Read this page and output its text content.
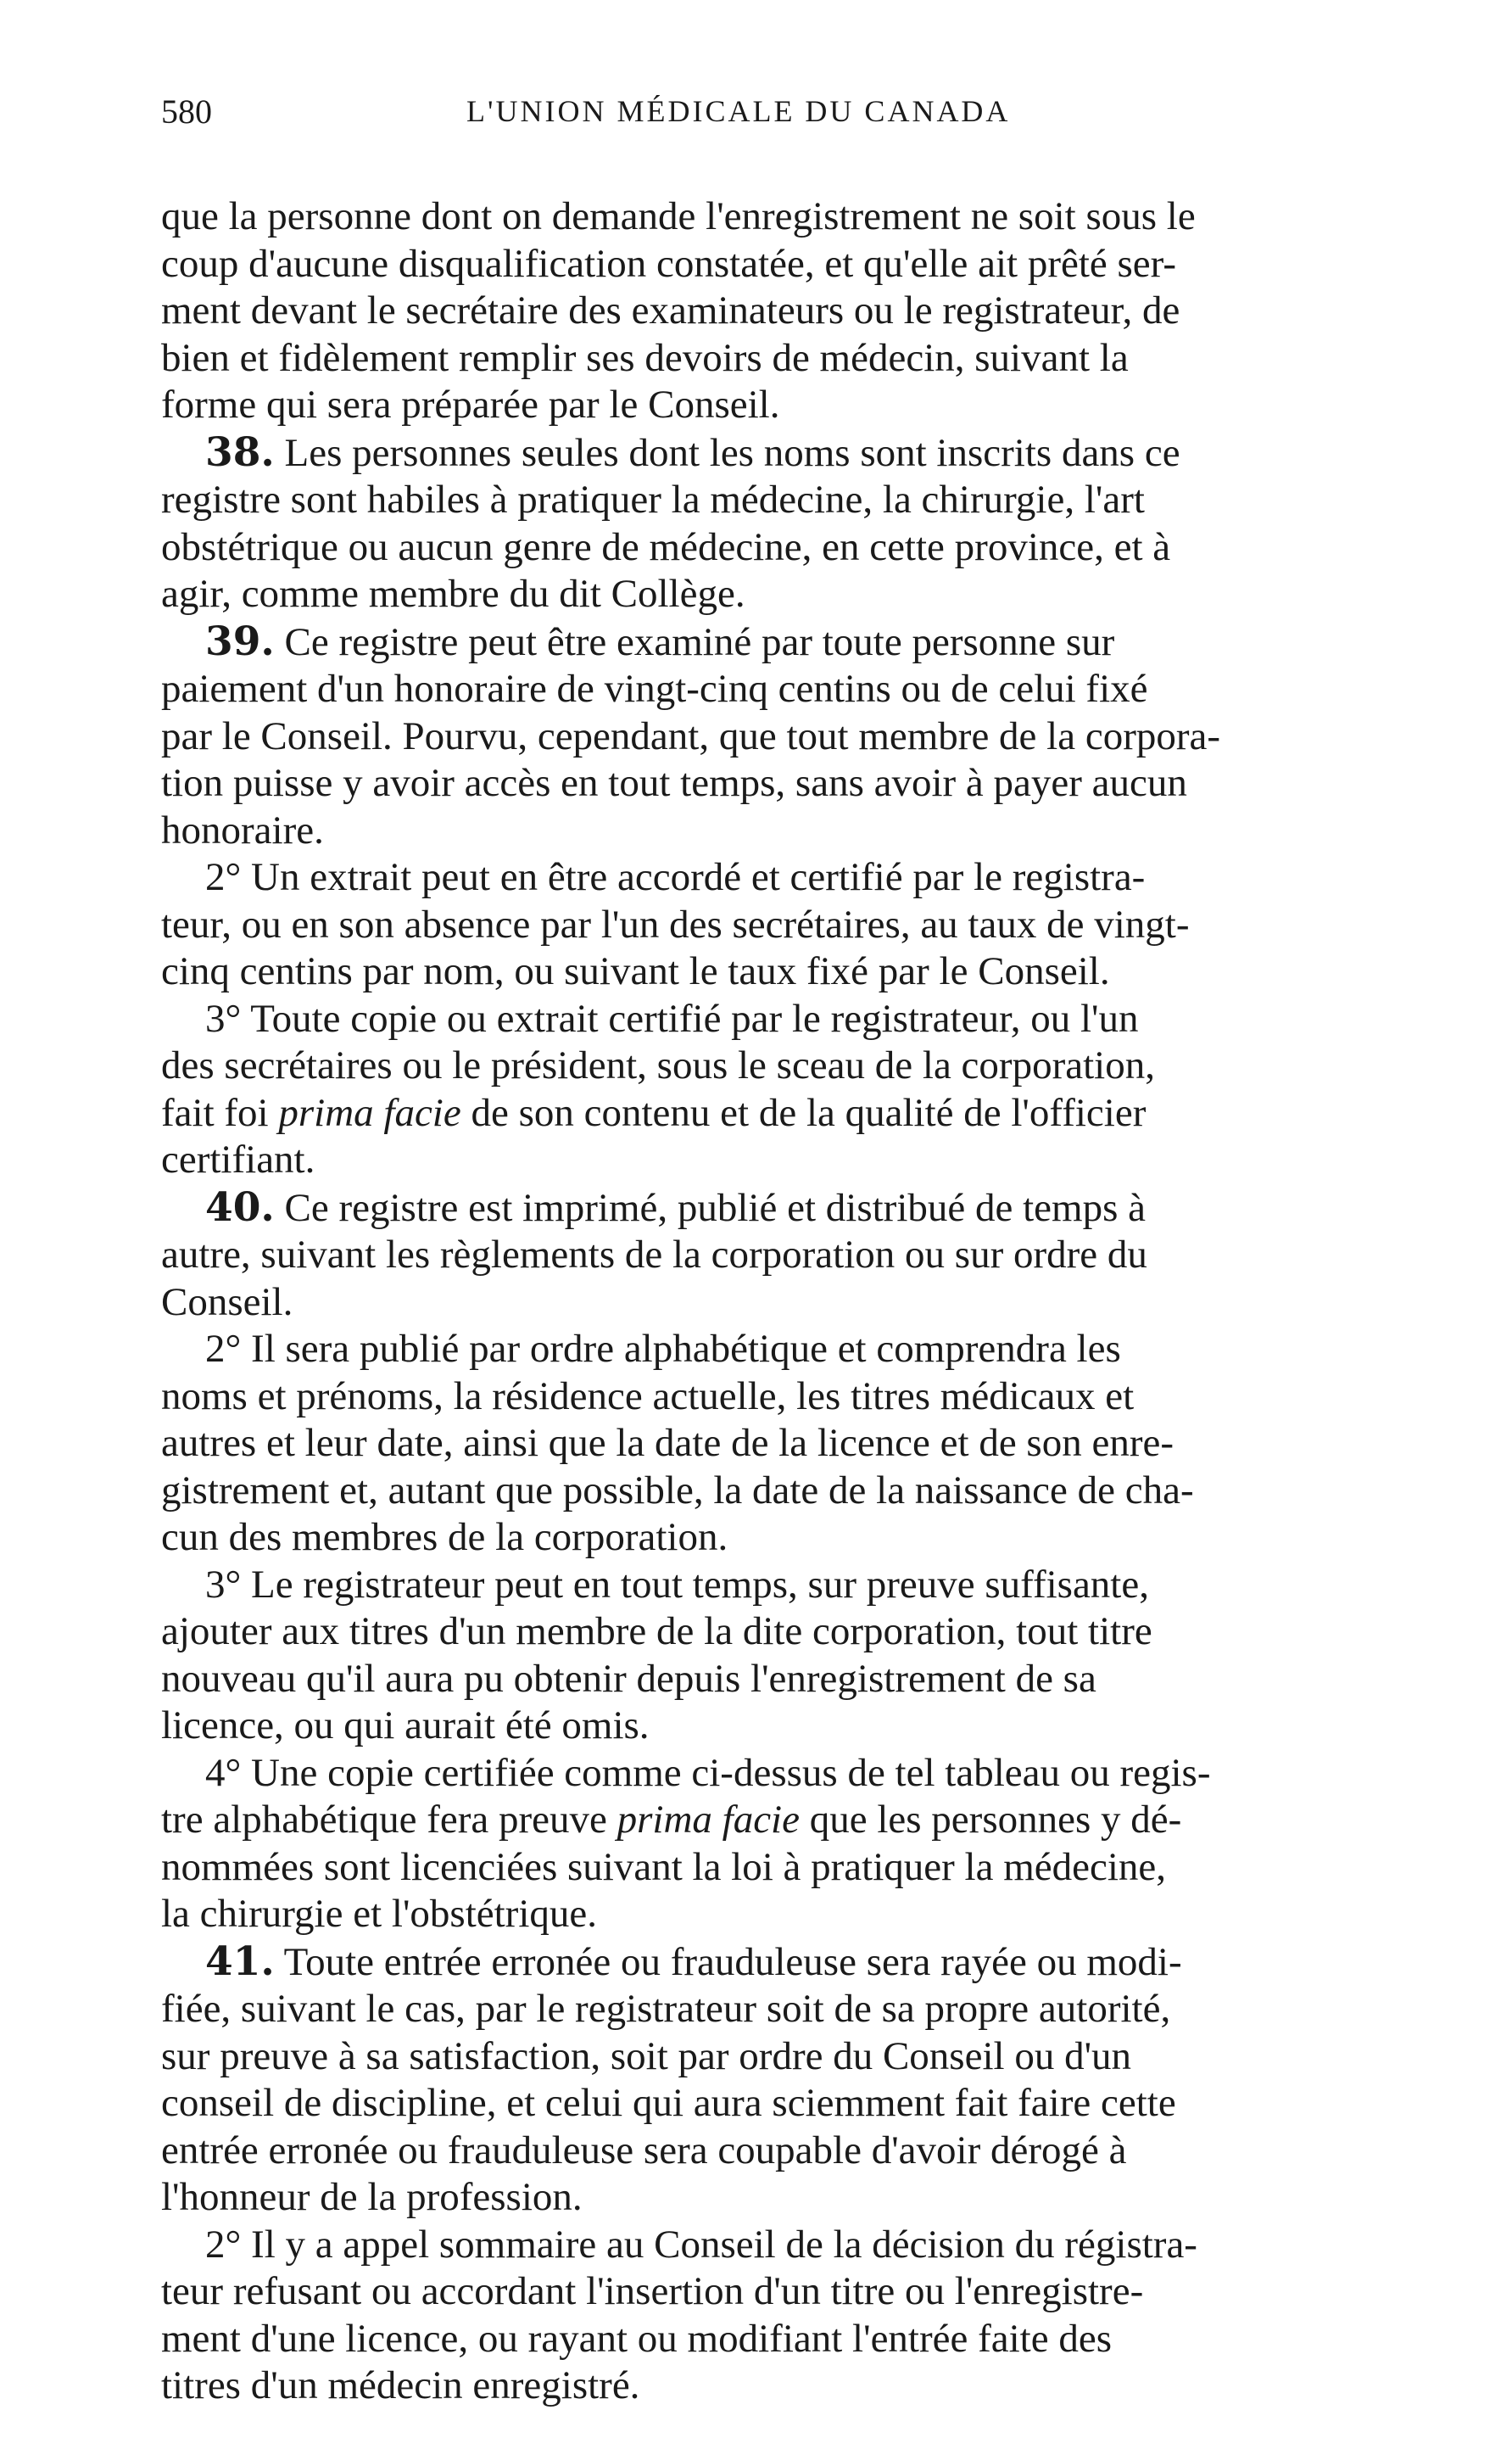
580	L'UNION MÉDICALE DU CANADA
que la personne dont on demande l'enregistrement ne soit sous le
coup d'aucune disqualification constatée, et qu'elle ait prêté ser-
ment devant le secrétaire des examinateurs ou le registrateur, de
bien et fidèlement remplir ses devoirs de médecin, suivant la
forme qui sera préparée par le Conseil.
38. Les personnes seules dont les noms sont inscrits dans ce
registre sont habiles à pratiquer la médecine, la chirurgie, l'art
obstétrique ou aucun genre de médecine, en cette province, et à
agir, comme membre du dit Collège.
39. Ce registre peut être examiné par toute personne sur
paiement d'un honoraire de vingt-cinq centins ou de celui fixé
par le Conseil. Pourvu, cependant, que tout membre de la corpora-
tion puisse y avoir accès en tout temps, sans avoir à payer aucun
honoraire.
2° Un extrait peut en être accordé et certifié par le registra-
teur, ou en son absence par l'un des secrétaires, au taux de vingt-
cinq centins par nom, ou suivant le taux fixé par le Conseil.
3° Toute copie ou extrait certifié par le registrateur, ou l'un
des secrétaires ou le président, sous le sceau de la corporation,
fait foi prima facie de son contenu et de la qualité de l'officier
certifiant.
40. Ce registre est imprimé, publié et distribué de temps à
autre, suivant les règlements de la corporation ou sur ordre du
Conseil.
2° Il sera publié par ordre alphabétique et comprendra les
noms et prénoms, la résidence actuelle, les titres médicaux et
autres et leur date, ainsi que la date de la licence et de son enre-
gistrement et, autant que possible, la date de la naissance de cha-
cun des membres de la corporation.
3° Le registrateur peut en tout temps, sur preuve suffisante,
ajouter aux titres d'un membre de la dite corporation, tout titre
nouveau qu'il aura pu obtenir depuis l'enregistrement de sa
licence, ou qui aurait été omis.
4° Une copie certifiée comme ci-dessus de tel tableau ou regis-
tre alphabétique fera preuve prima facie que les personnes y dé-
nommées sont licenciées suivant la loi à pratiquer la médecine,
la chirurgie et l'obstétrique.
41. Toute entrée erronée ou frauduleuse sera rayée ou modi-
fiée, suivant le cas, par le registrateur soit de sa propre autorité,
sur preuve à sa satisfaction, soit par ordre du Conseil ou d'un
conseil de discipline, et celui qui aura sciemment fait faire cette
entrée erronée ou frauduleuse sera coupable d'avoir dérogé à
l'honneur de la profession.
2° Il y a appel sommaire au Conseil de la décision du régistra-
teur refusant ou accordant l'insertion d'un titre ou l'enregistre-
ment d'une licence, ou rayant ou modifiant l'entrée faite des
titres d'un médecin enregistré.
